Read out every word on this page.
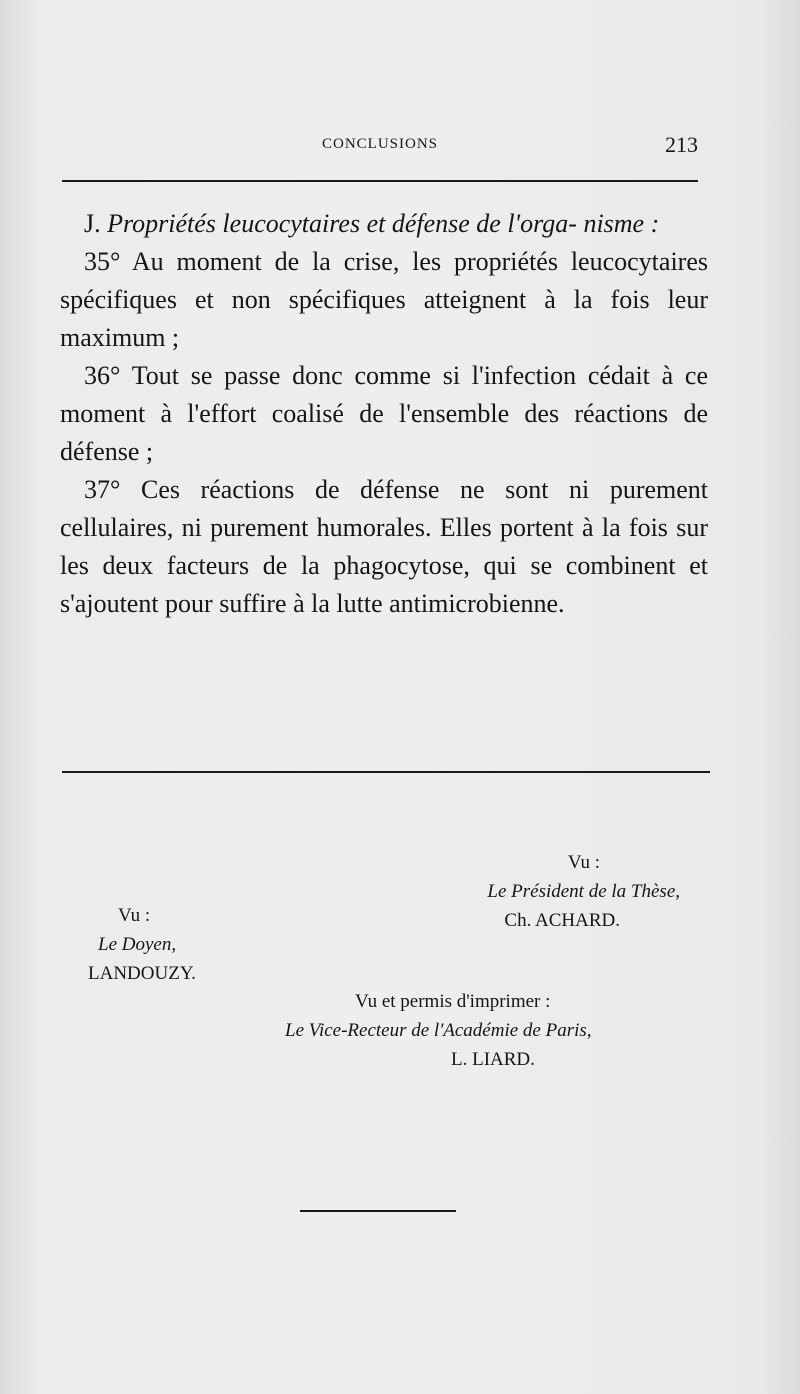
CONCLUSIONS	213

J. Propriétés leucocytaires et défense de l'orga- nisme :

35° Au moment de la crise, les propriétés leucocytaires spécifiques et non spécifiques atteignent à la fois leur maximum ;

36° Tout se passe donc comme si l'infection cédait à ce moment à l'effort coalisé de l'ensemble des réactions de défense ;

37° Ces réactions de défense ne sont ni purement cellulaires, ni purement humorales. Elles portent à la fois sur les deux facteurs de la phagocytose, qui se combinent et s'ajoutent pour suffire à la lutte antimicrobienne.

Vu :
Le Président de la Thèse,
Ch. ACHARD.
Vu :
Le Doyen,
LANDOUZY.
Vu et permis d'imprimer :
Le Vice-Recteur de l'Académie de Paris,
L. LIARD.
